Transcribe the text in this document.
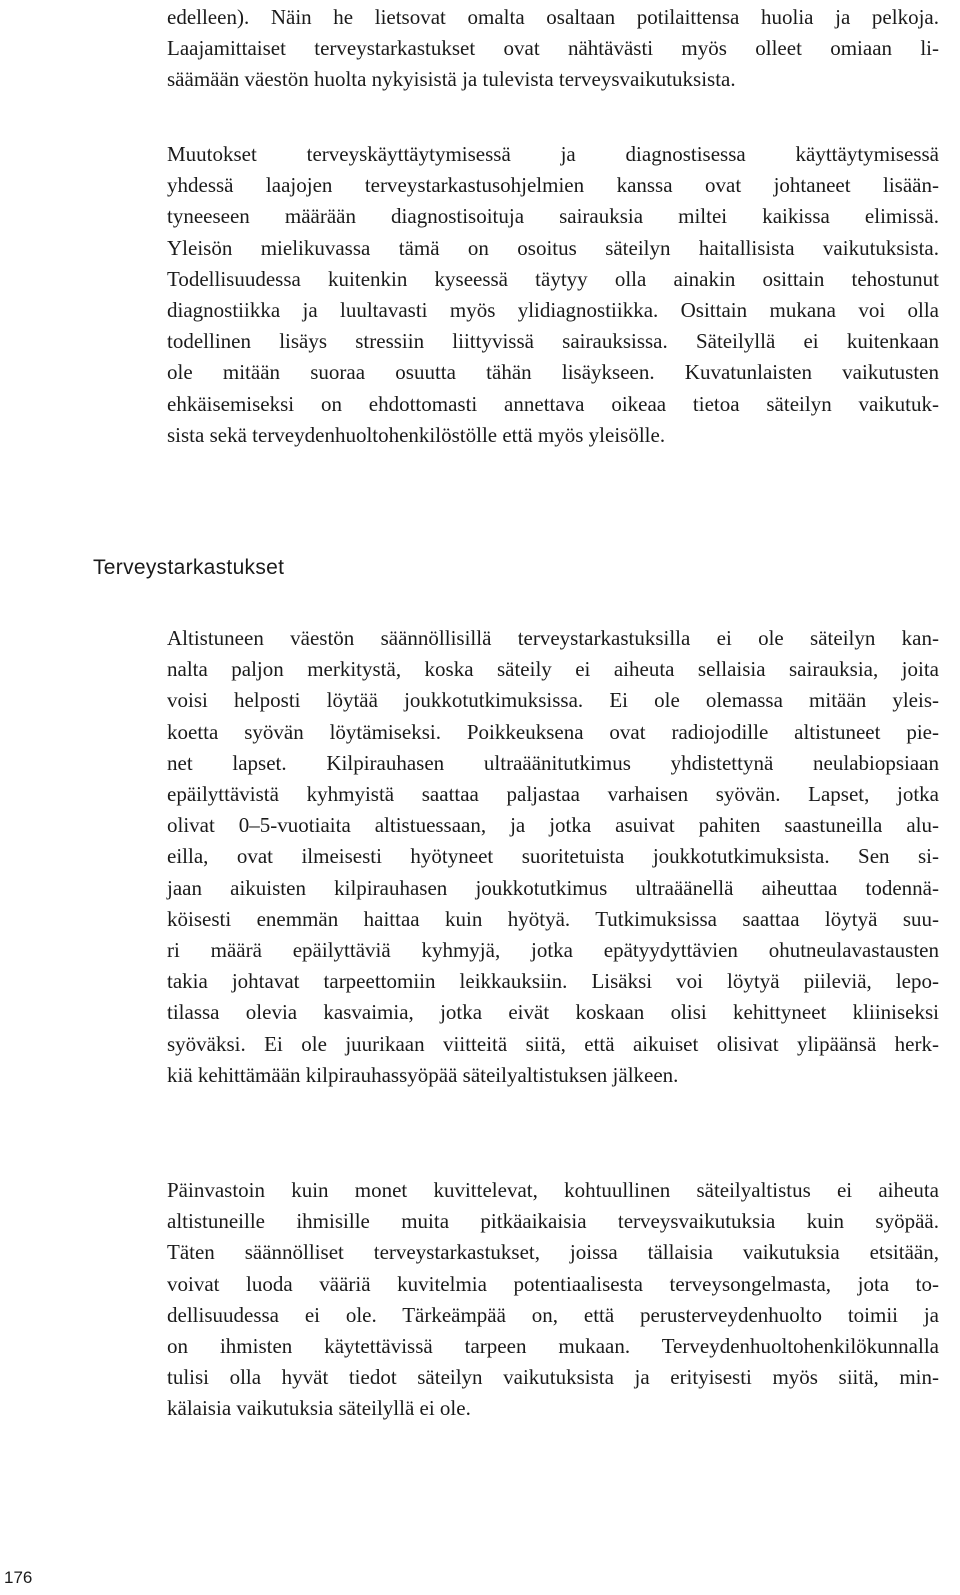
edelleen). Näin he lietsovat omalta osaltaan potilaittensa huolia ja pelkoja.
Laajamittaiset terveystarkastukset ovat nähtävästi myös olleet omiaan li-
säämään väestön huolta nykyisistä ja tulevista terveysvaikutuksista.

Muutokset terveyskäyttäytymisessä ja diagnostisessa käyttäytymisessä
yhdessä laajojen terveystarkastusohjelmien kanssa ovat johtaneet lisään-
tyneeseen määrään diagnostisoituja sairauksia miltei kaikissa elimissä.
Yleisön mielikuvassa tämä on osoitus säteilyn haitallisista vaikutuksista.
Todellisuudessa kuitenkin kyseessä täytyy olla ainakin osittain tehostunut
diagnostiikka ja luultavasti myös ylidiagnostiikka. Osittain mukana voi olla
todellinen lisäys stressiin liittyvissä sairauksissa. Säteilyllä ei kuitenkaan
ole mitään suoraa osuutta tähän lisäykseen. Kuvatunlaisten vaikutusten
ehkäisemiseksi on ehdottomasti annettava oikeaa tietoa säteilyn vaikutuk-
sista sekä terveydenhuoltohenkilöstölle että myös yleisölle.

Terveystarkastukset

Altistuneen väestön säännöllisillä terveystarkastuksilla ei ole säteilyn kan-
nalta paljon merkitystä, koska säteily ei aiheuta sellaisia sairauksia, joita
voisi helposti löytää joukkotutkimuksissa. Ei ole olemassa mitään yleis-
koetta syövän löytämiseksi. Poikkeuksena ovat radiojodille altistuneet pie-
net lapset. Kilpirauhasen ultraäänitutkimus yhdistettynä neulabiopsiaan
epäilyttävistä kyhmyistä saattaa paljastaa varhaisen syövän. Lapset, jotka
olivat 0–5-vuotiaita altistuessaan, ja jotka asuivat pahiten saastuneilla alu-
eilla, ovat ilmeisesti hyötyneet suoritetuista joukkotutkimuksista. Sen si-
jaan aikuisten kilpirauhasen joukkotutkimus ultraäänellä aiheuttaa todennä-
köisesti enemmän haittaa kuin hyötyä. Tutkimuksissa saattaa löytyä suu-
ri määrä epäilyttäviä kyhmyjä, jotka epätyydyttävien ohutneulavastausten
takia johtavat tarpeettomiin leikkauksiin. Lisäksi voi löytyä piileviä, lepo-
tilassa olevia kasvaimia, jotka eivät koskaan olisi kehittyneet kliiniseksi
syöväksi. Ei ole juurikaan viitteitä siitä, että aikuiset olisivat ylipäänsä herk-
kiä kehittämään kilpirauhassyöpää säteilyaltistuksen jälkeen.

Päinvastoin kuin monet kuvittelevat, kohtuullinen säteilyaltistus ei aiheuta
altistuneille ihmisille muita pitkäaikaisia terveysvaikutuksia kuin syöpää.
Täten säännölliset terveystarkastukset, joissa tällaisia vaikutuksia etsitään,
voivat luoda vääriä kuvitelmia potentiaalisesta terveysongelmasta, jota to-
dellisuudessa ei ole. Tärkeämpää on, että perusterveydenhuolto toimii ja
on ihmisten käytettävissä tarpeen mukaan. Terveydenhuoltohenkilökunnalla
tulisi olla hyvät tiedot säteilyn vaikutuksista ja erityisesti myös siitä, min-
kälaisia vaikutuksia säteilyllä ei ole.

176
